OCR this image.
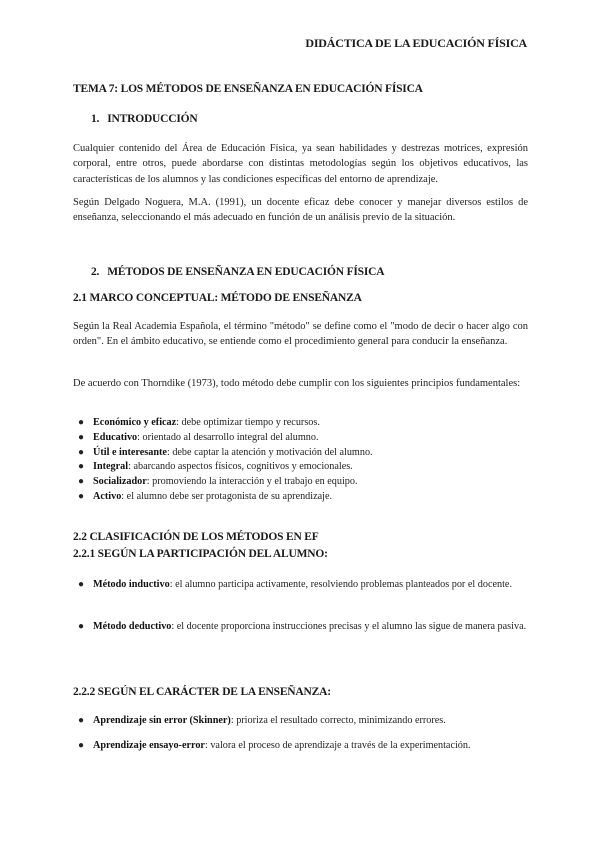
DIDÁCTICA DE LA EDUCACIÓN FÍSICA
TEMA 7: LOS MÉTODOS DE ENSEÑANZA EN EDUCACIÓN FÍSICA
1.   INTRODUCCIÓN
Cualquier contenido del Área de Educación Física, ya sean habilidades y destrezas motrices, expresión corporal, entre otros, puede abordarse con distintas metodologías según los objetivos educativos, las características de los alumnos y las condiciones específicas del entorno de aprendizaje.
Según Delgado Noguera, M.A. (1991), un docente eficaz debe conocer y manejar diversos estilos de enseñanza, seleccionando el más adecuado en función de un análisis previo de la situación.
2.   MÉTODOS DE ENSEÑANZA EN EDUCACIÓN FÍSICA
2.1 MARCO CONCEPTUAL: MÉTODO DE ENSEÑANZA
Según la Real Academia Española, el término "método" se define como el "modo de decir o hacer algo con orden". En el ámbito educativo, se entiende como el procedimiento general para conducir la enseñanza.
De acuerdo con Thorndike (1973), todo método debe cumplir con los siguientes principios fundamentales:
● Económico y eficaz: debe optimizar tiempo y recursos.
● Educativo: orientado al desarrollo integral del alumno.
● Útil e interesante: debe captar la atención y motivación del alumno.
● Integral: abarcando aspectos físicos, cognitivos y emocionales.
● Socializador: promoviendo la interacción y el trabajo en equipo.
● Activo: el alumno debe ser protagonista de su aprendizaje.
2.2 CLASIFICACIÓN DE LOS MÉTODOS EN EF
2.2.1 SEGÚN LA PARTICIPACIÓN DEL ALUMNO:
● Método inductivo: el alumno participa activamente, resolviendo problemas planteados por el docente.
● Método deductivo: el docente proporciona instrucciones precisas y el alumno las sigue de manera pasiva.
2.2.2 SEGÚN EL CARÁCTER DE LA ENSEÑANZA:
● Aprendizaje sin error (Skinner): prioriza el resultado correcto, minimizando errores.
● Aprendizaje ensayo-error: valora el proceso de aprendizaje a través de la experimentación.
